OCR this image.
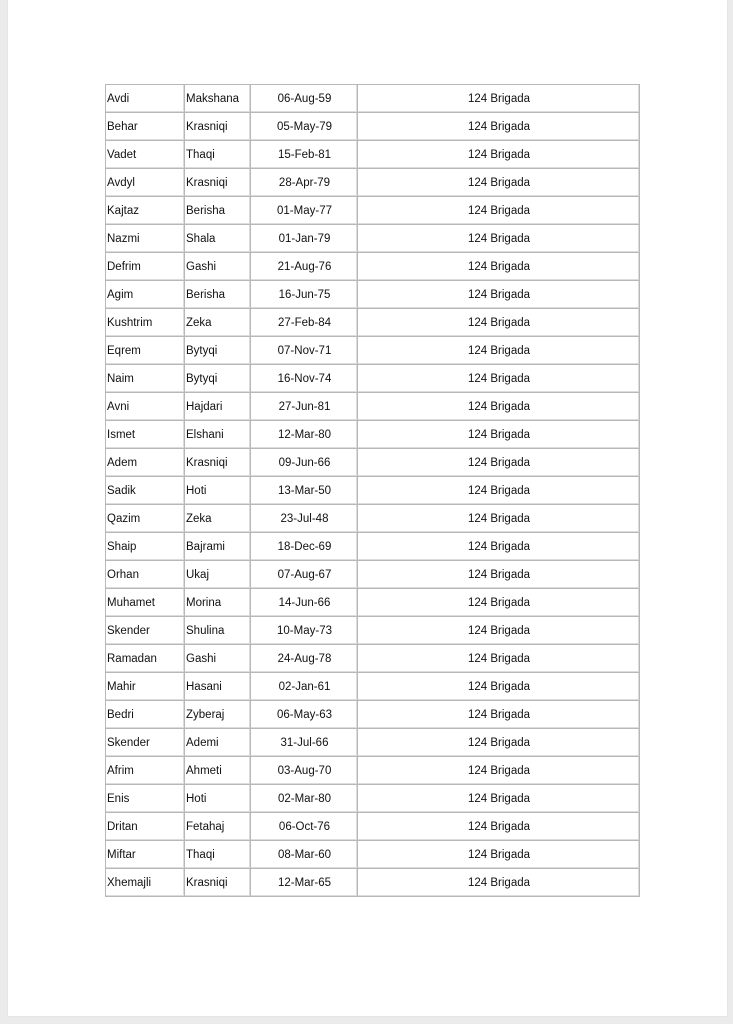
Avdi	Makshana	06-Aug-59	124 Brigada
Behar	Krasniqi	05-May-79	124 Brigada
Vadet	Thaqi	15-Feb-81	124 Brigada
Avdyl	Krasniqi	28-Apr-79	124 Brigada
Kajtaz	Berisha	01-May-77	124 Brigada
Nazmi	Shala	01-Jan-79	124 Brigada
Defrim	Gashi	21-Aug-76	124 Brigada
Agim	Berisha	16-Jun-75	124 Brigada
Kushtrim	Zeka	27-Feb-84	124 Brigada
Eqrem	Bytyqi	07-Nov-71	124 Brigada
Naim	Bytyqi	16-Nov-74	124 Brigada
Avni	Hajdari	27-Jun-81	124 Brigada
Ismet	Elshani	12-Mar-80	124 Brigada
Adem	Krasniqi	09-Jun-66	124 Brigada
Sadik	Hoti	13-Mar-50	124 Brigada
Qazim	Zeka	23-Jul-48	124 Brigada
Shaip	Bajrami	18-Dec-69	124 Brigada
Orhan	Ukaj	07-Aug-67	124 Brigada
Muhamet	Morina	14-Jun-66	124 Brigada
Skender	Shulina	10-May-73	124 Brigada
Ramadan	Gashi	24-Aug-78	124 Brigada
Mahir	Hasani	02-Jan-61	124 Brigada
Bedri	Zyberaj	06-May-63	124 Brigada
Skender	Ademi	31-Jul-66	124 Brigada
Afrim	Ahmeti	03-Aug-70	124 Brigada
Enis	Hoti	02-Mar-80	124 Brigada
Dritan	Fetahaj	06-Oct-76	124 Brigada
Miftar	Thaqi	08-Mar-60	124 Brigada
Xhemajli	Krasniqi	12-Mar-65	124 Brigada
